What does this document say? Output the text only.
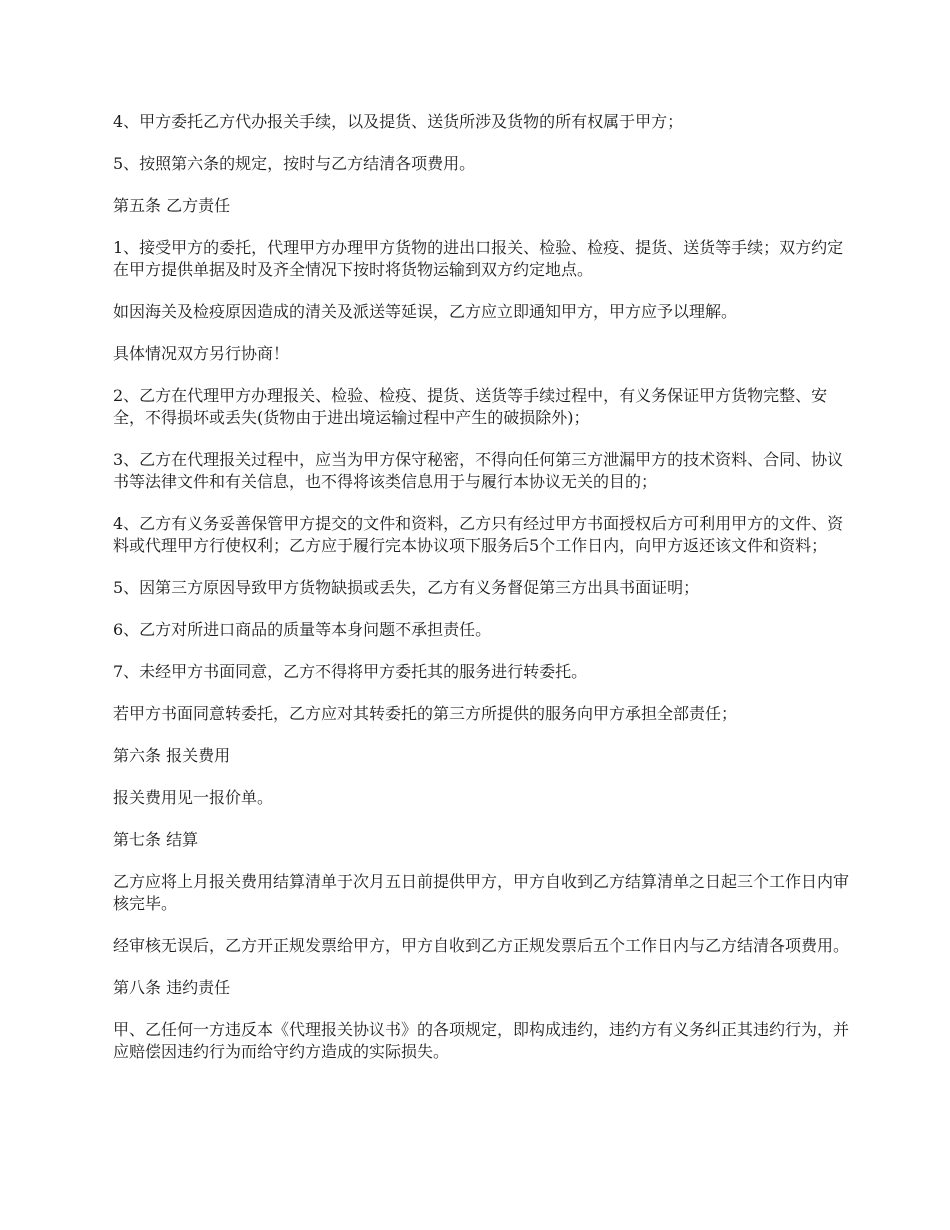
4、甲方委托乙方代办报关手续，以及提货、送货所涉及货物的所有权属于甲方；

5、按照第六条的规定，按时与乙方结清各项费用。

第五条 乙方责任

1、接受甲方的委托，代理甲方办理甲方货物的进出口报关、检验、检疫、提货、送货等手续；双方约定在甲方提供单据及时及齐全情况下按时将货物运输到双方约定地点。

如因海关及检疫原因造成的清关及派送等延误，乙方应立即通知甲方，甲方应予以理解。

具体情况双方另行协商！

2、乙方在代理甲方办理报关、检验、检疫、提货、送货等手续过程中，有义务保证甲方货物完整、安全，不得损坏或丢失(货物由于进出境运输过程中产生的破损除外)；

3、乙方在代理报关过程中，应当为甲方保守秘密，不得向任何第三方泄漏甲方的技术资料、合同、协议书等法律文件和有关信息，也不得将该类信息用于与履行本协议无关的目的；

4、乙方有义务妥善保管甲方提交的文件和资料，乙方只有经过甲方书面授权后方可利用甲方的文件、资料或代理甲方行使权利；乙方应于履行完本协议项下服务后5个工作日内，向甲方返还该文件和资料；

5、因第三方原因导致甲方货物缺损或丢失，乙方有义务督促第三方出具书面证明；

6、乙方对所进口商品的质量等本身问题不承担责任。

7、未经甲方书面同意，乙方不得将甲方委托其的服务进行转委托。

若甲方书面同意转委托，乙方应对其转委托的第三方所提供的服务向甲方承担全部责任；

第六条 报关费用

报关费用见一报价单。

第七条 结算

乙方应将上月报关费用结算清单于次月五日前提供甲方，甲方自收到乙方结算清单之日起三个工作日内审核完毕。

经审核无误后，乙方开正规发票给甲方，甲方自收到乙方正规发票后五个工作日内与乙方结清各项费用。

第八条 违约责任

甲、乙任何一方违反本《代理报关协议书》的各项规定，即构成违约，违约方有义务纠正其违约行为，并应赔偿因违约行为而给守约方造成的实际损失。
